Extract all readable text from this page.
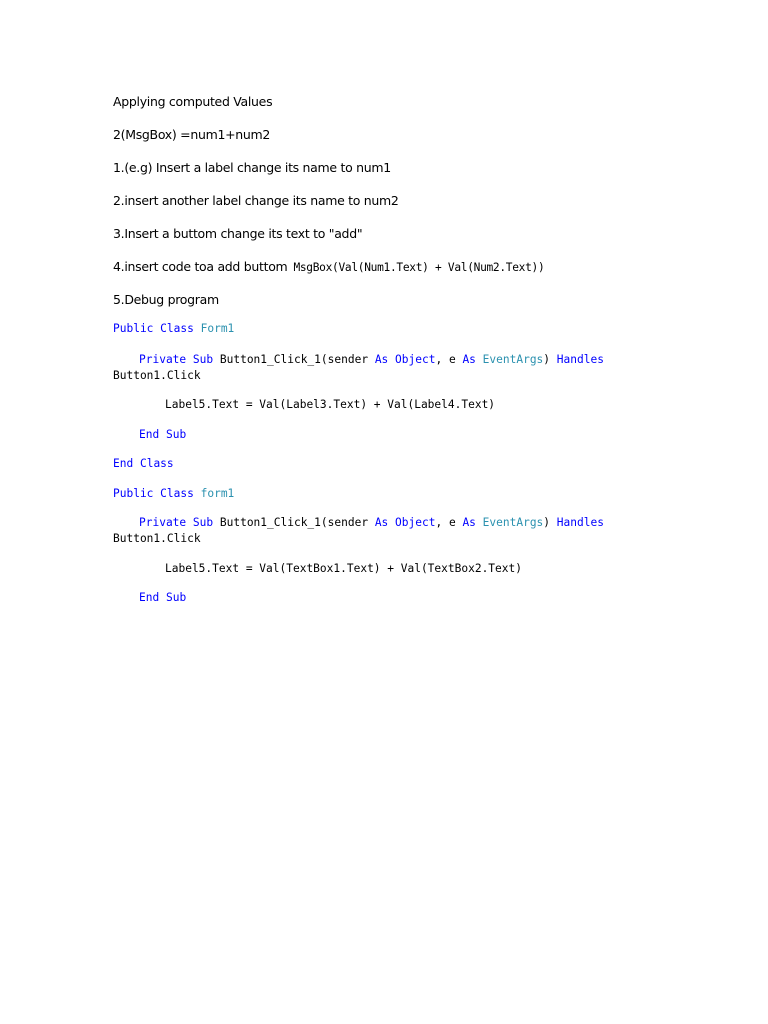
Applying computed Values
2(MsgBox) =num1+num2
1.(e.g) Insert a label change its name to num1
2.insert another label change its name to num2
3.Insert a buttom change its text to "add"
4.insert code toa add buttom MsgBox(Val(Num1.Text) + Val(Num2.Text))
5.Debug program
Public Class Form1
Private Sub Button1_Click_1(sender As Object, e As EventArgs) Handles
Button1.Click
Label5.Text = Val(Label3.Text) + Val(Label4.Text)
End Sub
End Class
Public Class form1
Private Sub Button1_Click_1(sender As Object, e As EventArgs) Handles
Button1.Click
Label5.Text = Val(TextBox1.Text) + Val(TextBox2.Text)
End Sub
